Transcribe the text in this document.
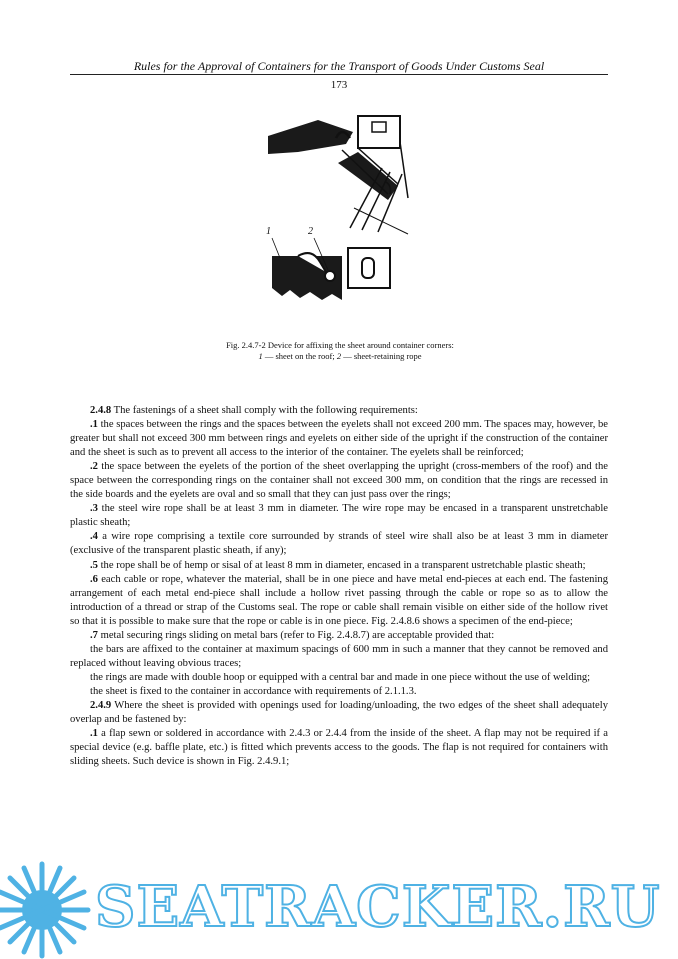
Rules for the Approval of Containers for the Transport of Goods Under Customs Seal
173
1	2
Fig. 2.4.7-2 Device for affixing the sheet around container corners:
1 — sheet on the roof; 2 — sheet-retaining rope

2.4.8 The fastenings of a sheet shall comply with the following requirements:

.1 the spaces between the rings and the spaces between the eyelets shall not exceed 200 mm. The spaces may, however, be greater but shall not exceed 300 mm between rings and eyelets on either side of the upright if the construction of the container and the sheet is such as to prevent all access to the interior of the container. The eyelets shall be reinforced;

.2 the space between the eyelets of the portion of the sheet overlapping the upright (cross-members of the roof) and the space between the corresponding rings on the container shall not exceed 300 mm, on condition that the rings are recessed in the side boards and the eyelets are oval and so small that they can just pass over the rings;

.3 the steel wire rope shall be at least 3 mm in diameter. The wire rope may be encased in a transparent unstretchable plastic sheath;

.4 a wire rope comprising a textile core surrounded by strands of steel wire shall also be at least 3 mm in diameter (exclusive of the transparent plastic sheath, if any);

.5 the rope shall be of hemp or sisal of at least 8 mm in diameter, encased in a transparent ustretchable plastic sheath;

.6 each cable or rope, whatever the material, shall be in one piece and have metal end-pieces at each end. The fastening arrangement of each metal end-piece shall include a hollow rivet passing through the cable or rope so as to allow the introduction of a thread or strap of the Customs seal. The rope or cable shall remain visible on either side of the hollow rivet so that it is possible to make sure that the rope or cable is in one piece. Fig. 2.4.8.6 shows a specimen of the end-piece;

.7 metal securing rings sliding on metal bars (refer to Fig. 2.4.8.7) are acceptable provided that:

the bars are affixed to the container at maximum spacings of 600 mm in such a manner that they cannot be removed and replaced without leaving obvious traces;

the rings are made with double hoop or equipped with a central bar and made in one piece without the use of welding;

the sheet is fixed to the container in accordance with requirements of 2.1.1.3.

2.4.9 Where the sheet is provided with openings used for loading/unloading, the two edges of the sheet shall adequately overlap and be fastened by:

.1 a flap sewn or soldered in accordance with 2.4.3 or 2.4.4 from the inside of the sheet. A flap may not be required if a special device (e.g. baffle plate, etc.) is fitted which prevents access to the goods. The flap is not required for containers with sliding sheets. Such device is shown in Fig. 2.4.9.1;

SEATRACKER.RU
